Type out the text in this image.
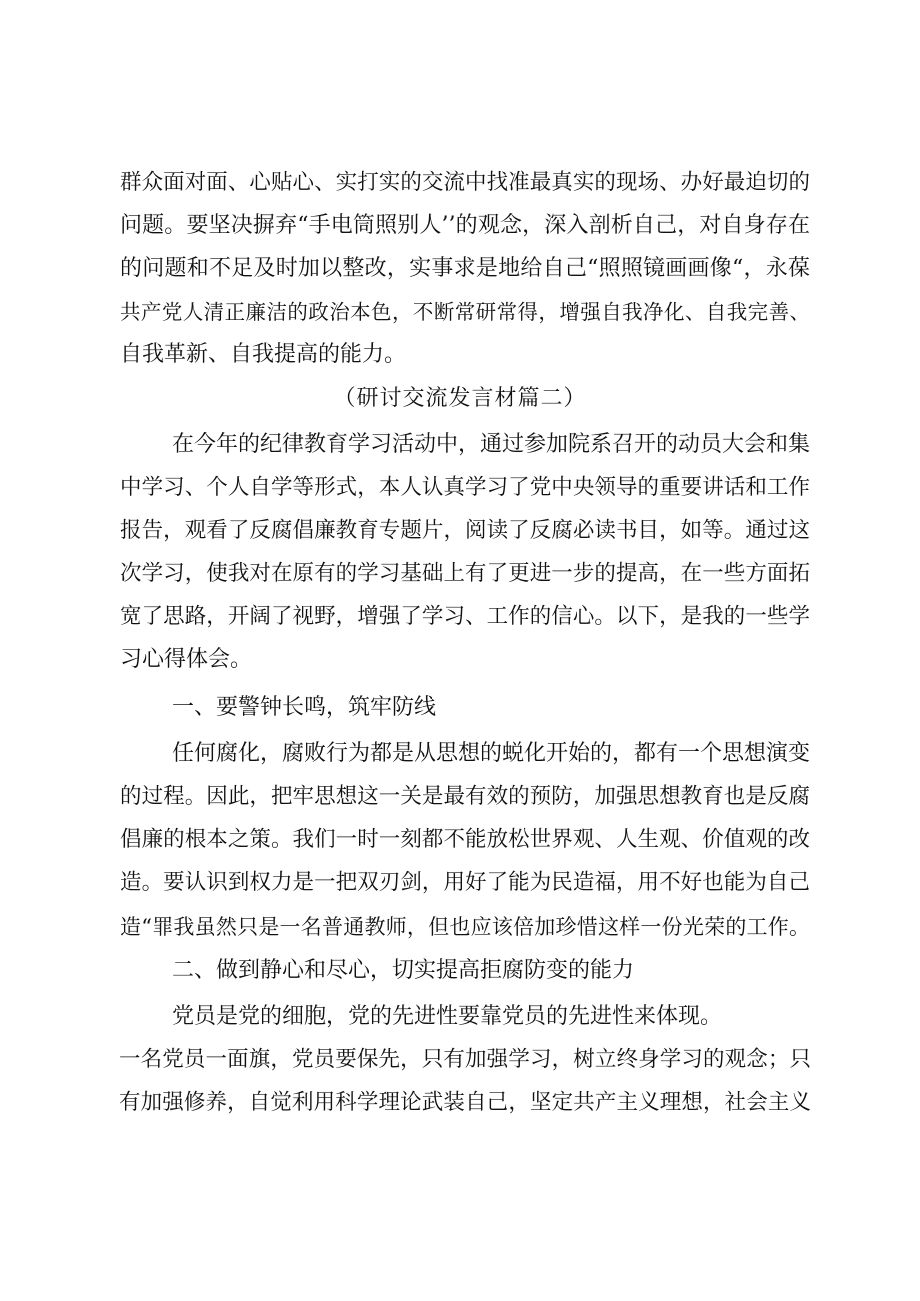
群众面对面、心贴心、实打实的交流中找准最真实的现场、办好最迫切的
问题。要坚决摒弃“手电筒照别人’’的观念，深入剖析自己，对自身存在
的问题和不足及时加以整改，实事求是地给自己“照照镜画画像“，永葆
共产党人清正廉洁的政治本色，不断常研常得，增强自我净化、自我完善、
自我革新、自我提高的能力。
（研讨交流发言材篇二）
在今年的纪律教育学习活动中，通过参加院系召开的动员大会和集
中学习、个人自学等形式，本人认真学习了党中央领导的重要讲话和工作
报告，观看了反腐倡廉教育专题片，阅读了反腐必读书目，如等。通过这
次学习，使我对在原有的学习基础上有了更进一步的提高，在一些方面拓
宽了思路，开阔了视野，增强了学习、工作的信心。以下，是我的一些学
习心得体会。
一、要警钟长鸣，筑牢防线
任何腐化，腐败行为都是从思想的蜕化开始的，都有一个思想演变
的过程。因此，把牢思想这一关是最有效的预防，加强思想教育也是反腐
倡廉的根本之策。我们一时一刻都不能放松世界观、人生观、价值观的改
造。要认识到权力是一把双刃剑，用好了能为民造福，用不好也能为自己
造“罪我虽然只是一名普通教师，但也应该倍加珍惜这样一份光荣的工作。
二、做到静心和尽心，切实提高拒腐防变的能力
党员是党的细胞，党的先进性要靠党员的先进性来体现。
一名党员一面旗，党员要保先，只有加强学习，树立终身学习的观念；只
有加强修养，自觉利用科学理论武装自己，坚定共产主义理想，社会主义
